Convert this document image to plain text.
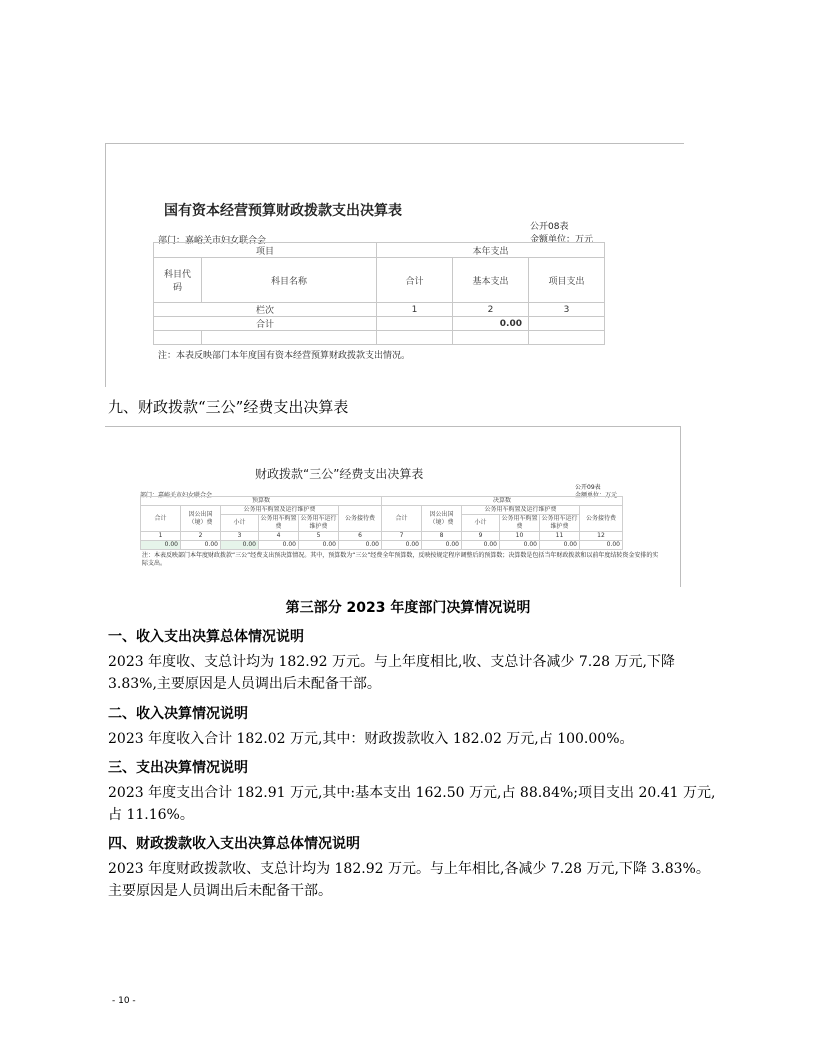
国有资本经营预算财政拨款支出决算表
公开08表
金额单位：万元
部门：嘉峪关市妇女联合会
项目		本年支出		
科目代码	科目名称	合计	基本支出	项目支出
栏次		1	2	3
合计			0.00	

注：本表反映部门本年度国有资本经营预算财政拨款支出情况。
九、财政拨款“三公”经费支出决算表
财政拨款“三公”经费支出决算表
公开09表
金额单位：万元
部门：嘉峪关市妇女联合会
预算数						决算数					
合计	因公出国（境）费	公务用车购置及运行维护费			公务接待费	合计	因公出国（境）费	公务用车购置及运行维护费			公务接待费
		小计	公务用车购置费	公务用车运行维护费				小计	公务用车购置费	公务用车运行维护费	
1	2	3	4	5	6	7	8	9	10	11	12
0.00	0.00	0.00	0.00	0.00	0.00	0.00	0.00	0.00	0.00	0.00	0.00
注：本表反映部门本年度财政拨款“三公”经费支出预决算情况。其中，预算数为“三公”经费全年预算数，反映按规定程序调整后的预算数；决算数是包括当年财政拨款和以前年度结转资金安排的实际支出。
第三部分 2023 年度部门决算情况说明
一、收入支出决算总体情况说明
2023 年度收、支总计均为 182.92 万元。与上年度相比,收、支总计各减少 7.28 万元,下降 3.83%,主要原因是人员调出后未配备干部。
二、收入决算情况说明
2023 年度收入合计 182.02 万元,其中：财政拨款收入 182.02 万元,占 100.00%。
三、支出决算情况说明
2023 年度支出合计 182.91 万元,其中:基本支出 162.50 万元,占 88.84%;项目支出 20.41 万元,占 11.16%。
四、财政拨款收入支出决算总体情况说明
2023 年度财政拨款收、支总计均为 182.92 万元。与上年相比,各减少 7.28 万元,下降 3.83%。主要原因是人员调出后未配备干部。
- 10 -
